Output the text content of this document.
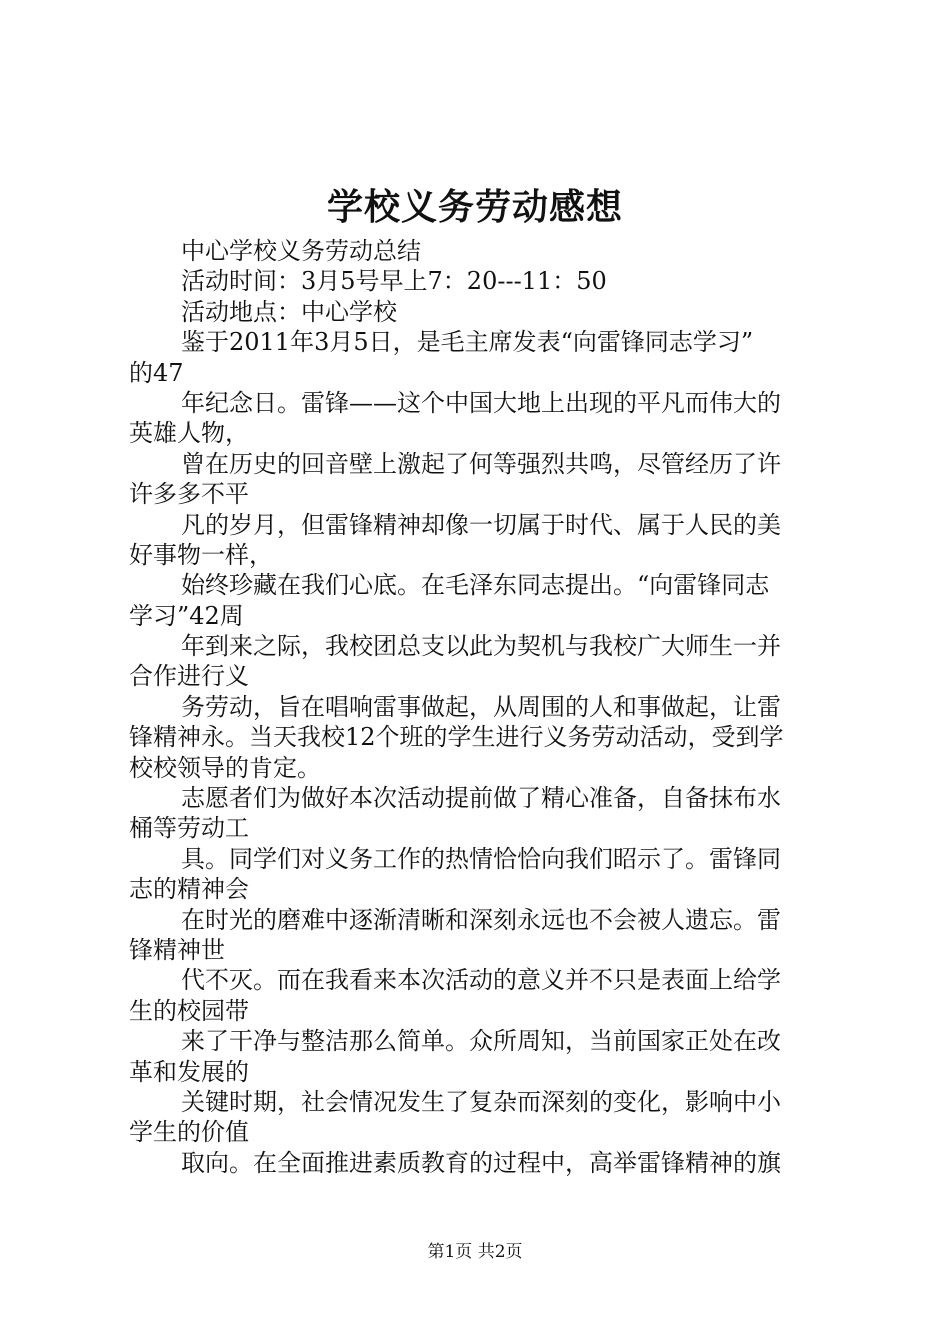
学校义务劳动感想
中心学校义务劳动总结
活动时间：3月5号早上7：20---11：50
活动地点：中心学校
鉴于2011年3月5日，是毛主席发表“向雷锋同志学习”
的47
年纪念日。雷锋——这个中国大地上出现的平凡而伟大的
英雄人物，
曾在历史的回音壁上激起了何等强烈共鸣，尽管经历了许
许多多不平
凡的岁月，但雷锋精神却像一切属于时代、属于人民的美
好事物一样，
始终珍藏在我们心底。在毛泽东同志提出。“向雷锋同志
学习”42周
年到来之际，我校团总支以此为契机与我校广大师生一并
合作进行义
务劳动，旨在唱响雷事做起，从周围的人和事做起，让雷
锋精神永。当天我校12个班的学生进行义务劳动活动，受到学
校校领导的肯定。
志愿者们为做好本次活动提前做了精心准备，自备抹布水
桶等劳动工
具。同学们对义务工作的热情恰恰向我们昭示了。雷锋同
志的精神会
在时光的磨难中逐渐清晰和深刻永远也不会被人遗忘。雷
锋精神世
代不灭。而在我看来本次活动的意义并不只是表面上给学
生的校园带
来了干净与整洁那么简单。众所周知，当前国家正处在改
革和发展的
关键时期，社会情况发生了复杂而深刻的变化，影响中小
学生的价值
取向。在全面推进素质教育的过程中，高举雷锋精神的旗
第1页 共2页
